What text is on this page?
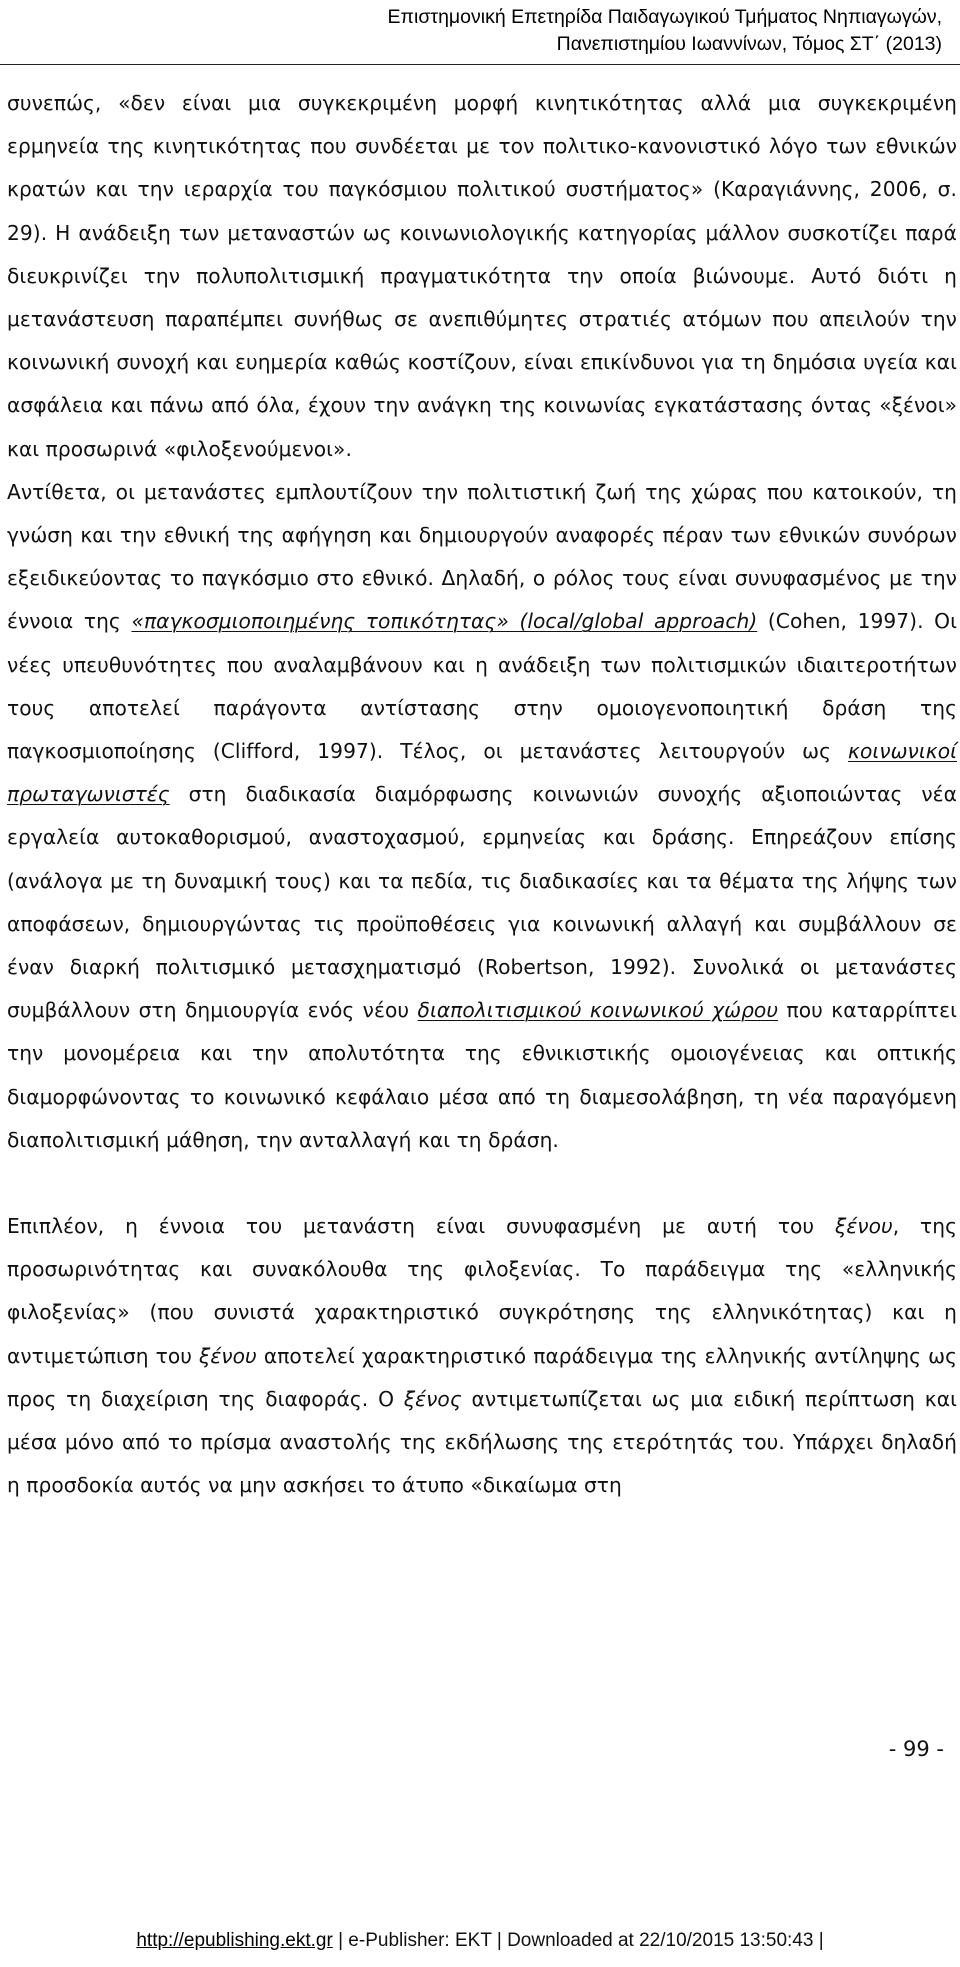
Επιστημονική Επετηρίδα Παιδαγωγικού Τμήματος Νηπιαγωγών,
Πανεπιστημίου Ιωαννίνων, Τόμος ΣΤ΄ (2013)

συνεπώς, «δεν είναι μια συγκεκριμένη μορφή κινητικότητας αλλά μια συγκεκριμένη ερμηνεία της κινητικότητας που συνδέεται με τον πολιτικο-κανονιστικό λόγο των εθνικών κρατών και την ιεραρχία του παγκόσμιου πολιτικού συστήματος» (Καραγιάννης, 2006, σ. 29). Η ανάδειξη των μεταναστών ως κοινωνιολογικής κατηγορίας μάλλον συσκοτίζει παρά διευκρινίζει την πολυπολιτισμική πραγματικότητα την οποία βιώνουμε. Αυτό διότι η μετανάστευση παραπέμπει συνήθως σε ανεπιθύμητες στρατιές ατόμων που απειλούν την κοινωνική συνοχή και ευημερία καθώς κοστίζουν, είναι επικίνδυνοι για τη δημόσια υγεία και ασφάλεια και πάνω από όλα, έχουν την ανάγκη της κοινωνίας εγκατάστασης όντας «ξένοι» και προσωρινά «φιλοξενούμενοι».

Αντίθετα, οι μετανάστες εμπλουτίζουν την πολιτιστική ζωή της χώρας που κατοικούν, τη γνώση και την εθνική της αφήγηση και δημιουργούν αναφορές πέραν των εθνικών συνόρων εξειδικεύοντας το παγκόσμιο στο εθνικό. Δηλαδή, ο ρόλος τους είναι συνυφασμένος με την έννοια της «παγκοσμιοποιημένης τοπικότητας» (local/global approach) (Cohen, 1997). Οι νέες υπευθυνότητες που αναλαμβάνουν και η ανάδειξη των πολιτισμικών ιδιαιτεροτήτων τους αποτελεί παράγοντα αντίστασης στην ομοιογενοποιητική δράση της παγκοσμιοποίησης (Clifford, 1997). Τέλος, οι μετανάστες λειτουργούν ως κοινωνικοί πρωταγωνιστές στη διαδικασία διαμόρφωσης κοινωνιών συνοχής αξιοποιώντας νέα εργαλεία αυτοκαθορισμού, αναστοχασμού, ερμηνείας και δράσης. Επηρεάζουν επίσης (ανάλογα με τη δυναμική τους) και τα πεδία, τις διαδικασίες και τα θέματα της λήψης των αποφάσεων, δημιουργώντας τις προϋποθέσεις για κοινωνική αλλαγή και συμβάλλουν σε έναν διαρκή πολιτισμικό μετασχηματισμό (Robertson, 1992). Συνολικά οι μετανάστες συμβάλλουν στη δημιουργία ενός νέου διαπολιτισμικού κοινωνικού χώρου που καταρρίπτει την μονομέρεια και την απολυτότητα της εθνικιστικής ομοιογένειας και οπτικής διαμορφώνοντας το κοινωνικό κεφάλαιο μέσα από τη διαμεσολάβηση, τη νέα παραγόμενη διαπολιτισμική μάθηση, την ανταλλαγή και τη δράση.

Επιπλέον, η έννοια του μετανάστη είναι συνυφασμένη με αυτή του ξένου, της προσωρινότητας και συνακόλουθα της φιλοξενίας. Το παράδειγμα της «ελληνικής φιλοξενίας» (που συνιστά χαρακτηριστικό συγκρότησης της ελληνικότητας) και η αντιμετώπιση του ξένου αποτελεί χαρακτηριστικό παράδειγμα της ελληνικής αντίληψης ως προς τη διαχείριση της διαφοράς. Ο ξένος αντιμετωπίζεται ως μια ειδική περίπτωση και μέσα μόνο από το πρίσμα αναστολής της εκδήλωσης της ετερότητάς του. Υπάρχει δηλαδή η προσδοκία αυτός να μην ασκήσει το άτυπο «δικαίωμα στη

- 99 -
http://epublishing.ekt.gr | e-Publisher: EKT | Downloaded at 22/10/2015 13:50:43 |
